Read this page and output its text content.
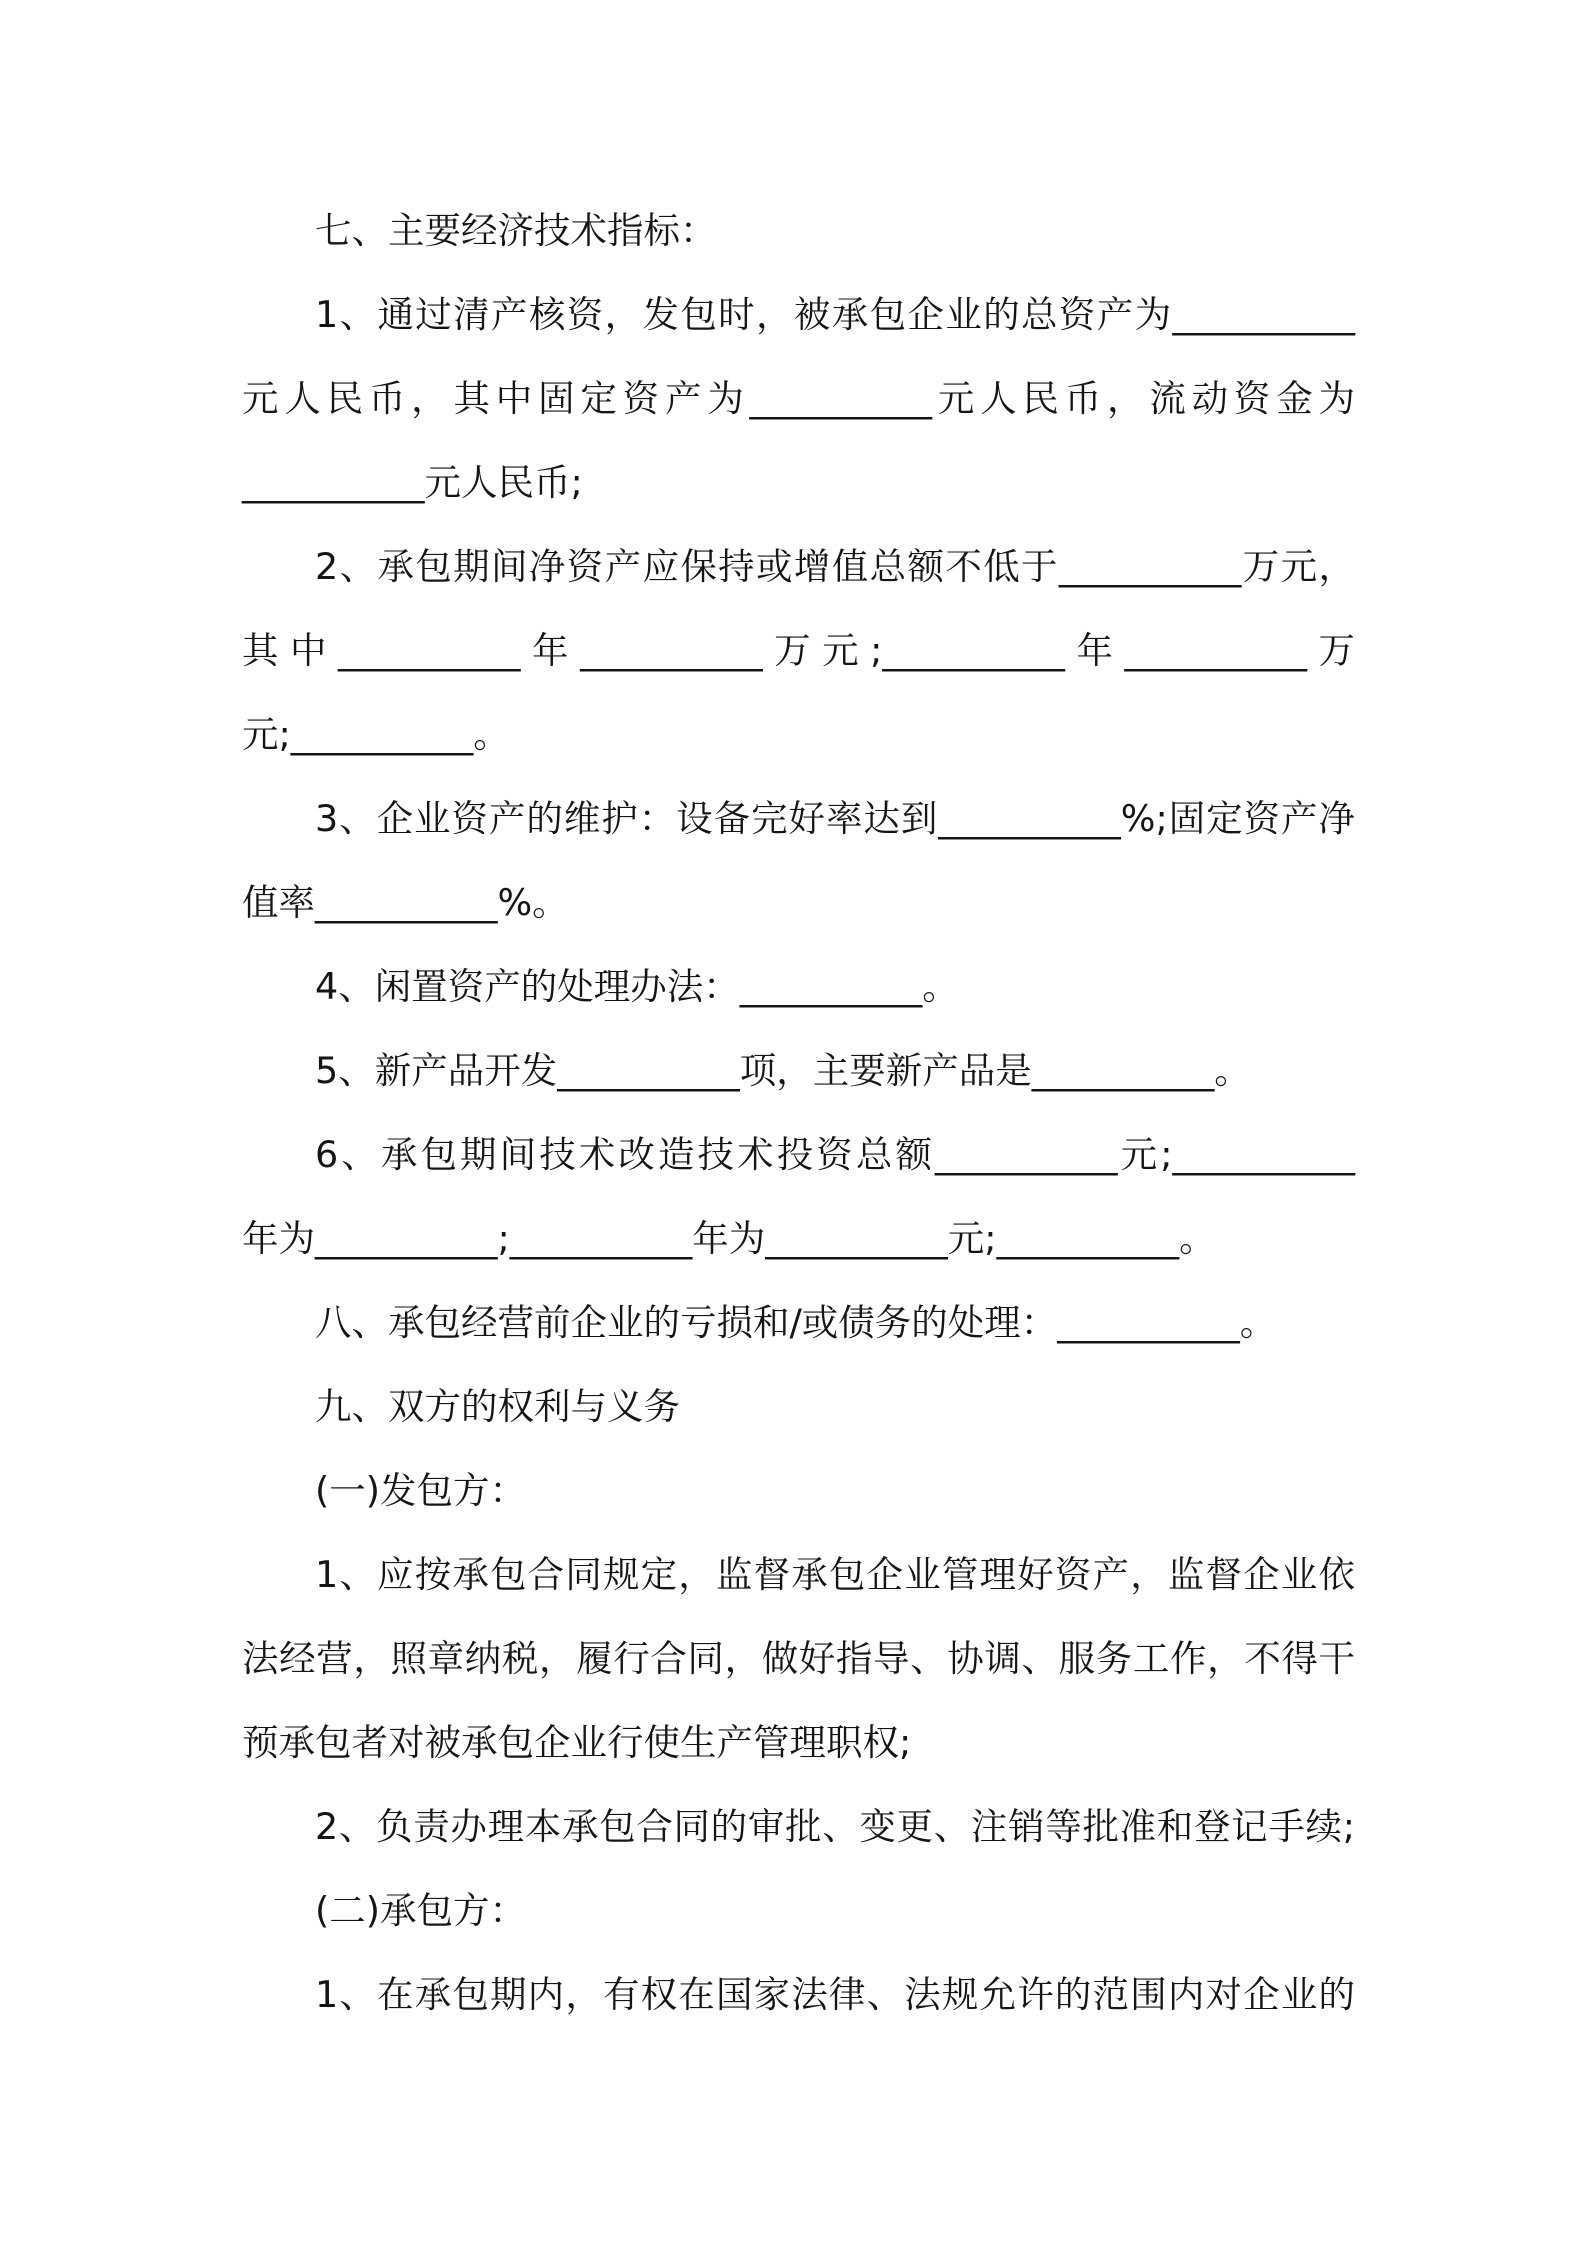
七、主要经济技术指标：
1、通过清产核资，发包时，被承包企业的总资产为__________
元人民币，其中固定资产为__________元人民币，流动资金为
__________元人民币;
2、承包期间净资产应保持或增值总额不低于__________万元，
其中__________年__________万元;__________年__________万
元;__________。
3、企业资产的维护：设备完好率达到__________%;固定资产净
值率__________%。
4、闲置资产的处理办法：__________。
5、新产品开发__________项，主要新产品是__________。
6、承包期间技术改造技术投资总额__________元;__________
年为__________;__________年为__________元;__________。
八、承包经营前企业的亏损和/或债务的处理：__________。
九、双方的权利与义务
(一)发包方：
1、应按承包合同规定，监督承包企业管理好资产，监督企业依
法经营，照章纳税，履行合同，做好指导、协调、服务工作，不得干
预承包者对被承包企业行使生产管理职权;
2、负责办理本承包合同的审批、变更、注销等批准和登记手续;
(二)承包方：
1、在承包期内，有权在国家法律、法规允许的范围内对企业的
